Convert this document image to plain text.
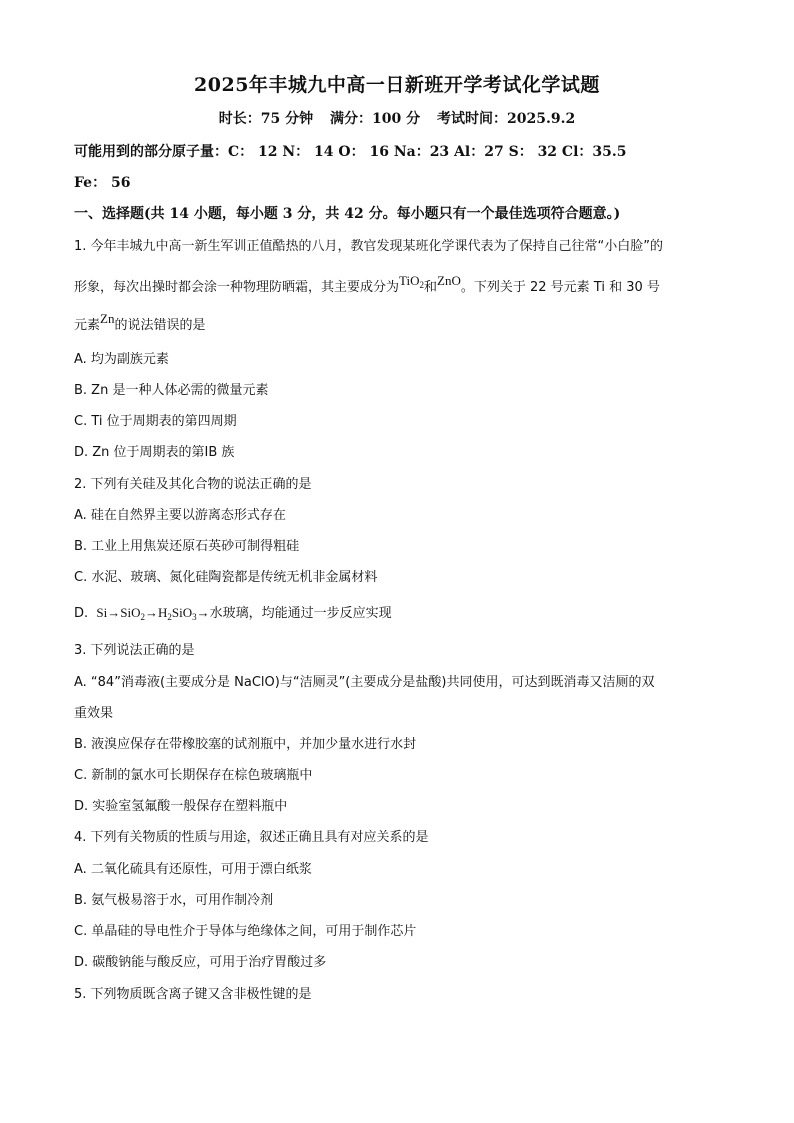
2025年丰城九中高一日新班开学考试化学试题
时长：75 分钟 满分：100 分 考试时间：2025.9.2
可能用到的部分原子量：C： 12 N： 14 O： 16 Na：23 Al：27 S： 32 Cl：35.5
Fe： 56
一、选择题(共 14 小题，每小题 3 分，共 42 分。每小题只有一个最佳选项符合题意。)
1. 今年丰城九中高一新生军训正值酷热的八月，教官发现某班化学课代表为了保持自己往常“小白脸”的
形象，每次出操时都会涂一种物理防晒霜，其主要成分为TiO$_2$和ZnO。下列关于 22 号元素 Ti 和 30 号
元素Zn的说法错误的是
A. 均为副族元素
B. Zn 是一种人体必需的微量元素
C. Ti 位于周期表的第四周期
D. Zn 位于周期表的第ⅠB 族
2. 下列有关硅及其化合物的说法正确的是
A. 硅在自然界主要以游离态形式存在
B. 工业上用焦炭还原石英砂可制得粗硅
C. 水泥、玻璃、氮化硅陶瓷都是传统无机非金属材料
D. $Si\to SiO_2\to H_2SiO_3\to$水玻璃，均能通过一步反应实现
3. 下列说法正确的是
A. “84”消毒液(主要成分是 NaClO)与“洁厕灵”(主要成分是盐酸)共同使用，可达到既消毒又洁厕的双
重效果
B. 液溴应保存在带橡胶塞的试剂瓶中，并加少量水进行水封
C. 新制的氯水可长期保存在棕色玻璃瓶中
D. 实验室氢氟酸一般保存在塑料瓶中
4. 下列有关物质的性质与用途，叙述正确且具有对应关系的是
A. 二氧化硫具有还原性，可用于漂白纸浆
B. 氨气极易溶于水，可用作制冷剂
C. 单晶硅的导电性介于导体与绝缘体之间，可用于制作芯片
D. 碳酸钠能与酸反应，可用于治疗胃酸过多
5. 下列物质既含离子键又含非极性键的是
